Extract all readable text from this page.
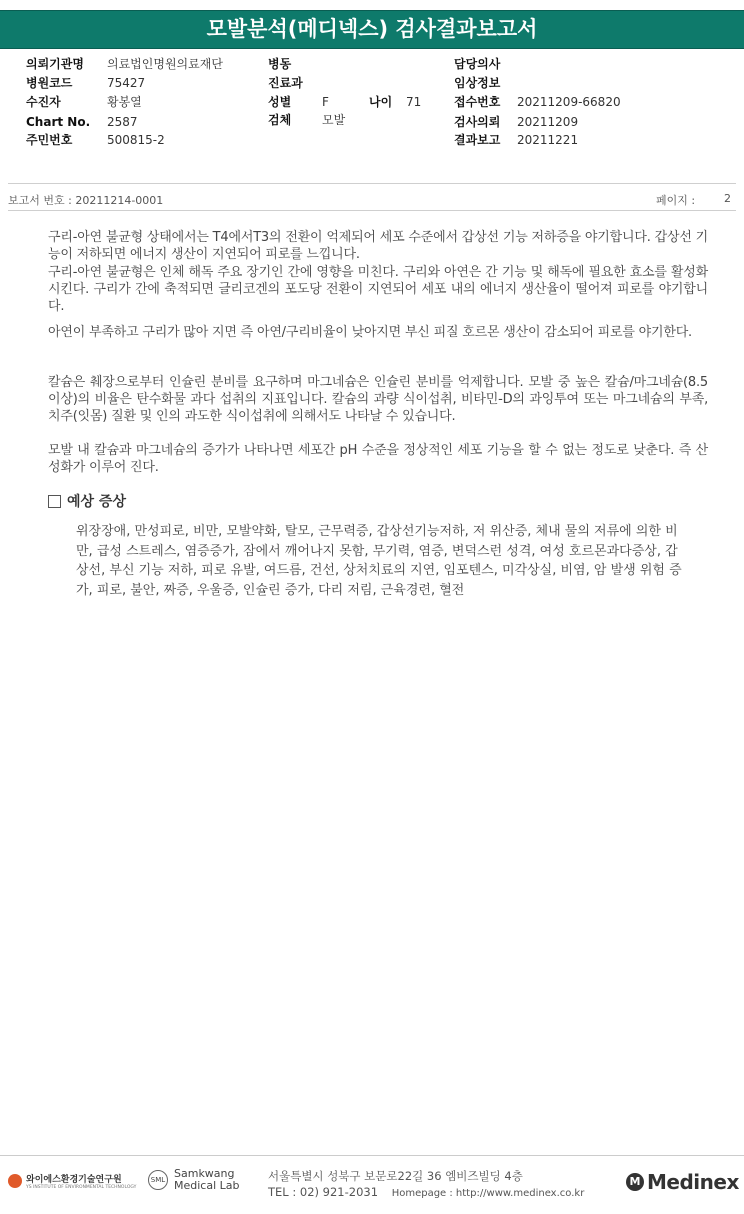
모발분석(메디넥스) 검사결과보고서
의뢰기관명 의료법인명원의료재단
병원코드	75427
수진자	황봉열
Chart No. 2587
주민번호	500815-2
병동
진료과
성별	F	나이 71
검체	모발
담당의사
임상정보
접수번호 20211209-66820
검사의뢰 20211209
결과보고 20211221
보고서 번호 : 20211214-0001	페이지 :	2

구리-아연 불균형 상태에서는 T4에서T3의 전환이 억제되어 세포 수준에서 갑상선 기능 저하증을 야기합니다. 갑상선 기능이 저하되면 에너지 생산이 지연되어 피로를 느낍니다.

구리-아연 불균형은 인체 해독 주요 장기인 간에 영향을 미친다. 구리와 아연은 간 기능 및 해독에 필요한 효소를 활성화시킨다. 구리가 간에 축적되면 글리코겐의 포도당 전환이 지연되어 세포 내의 에너지 생산율이 떨어져 피로를 야기합니다.

아연이 부족하고 구리가 많아 지면 즉 아연/구리비율이 낮아지면 부신 피질 호르몬 생산이 감소되어 피로를 야기한다.

칼슘은 췌장으로부터 인슐린 분비를 요구하며 마그네슘은 인슐린 분비를 억제합니다. 모발 중 높은 칼슘/마그네슘(8.5이상)의 비율은 탄수화물 과다 섭취의 지표입니다. 칼슘의 과량 식이섭취, 비타민-D의 과잉투여 또는 마그네슘의 부족, 치주(잇몸) 질환 및 인의 과도한 식이섭취에 의해서도 나타날 수 있습니다.

모발 내 칼슘과 마그네슘의 증가가 나타나면 세포간 pH 수준을 정상적인 세포 기능을 할 수 없는 정도로 낮춘다. 즉 산성화가 이루어 진다.

예상 증상

위장장애, 만성피로, 비만, 모발약화, 탈모, 근무력증, 갑상선기능저하, 저 위산증, 체내 물의 저류에 의한 비만, 급성 스트레스, 염증증가, 잠에서 깨어나지 못함, 무기력, 염증, 변덕스런 성격, 여성 호르몬과다증상, 갑상선, 부신 기능 저하, 피로 유발, 여드름, 건선, 상처치료의 지연, 임포텐스, 미각상실, 비염, 암 발생 위험 증가, 피로, 불안, 짜증, 우울증, 인슐린 증가, 다리 저림, 근육경련, 혈전

와이에스환경기술연구원
YS INSTITUTE OF ENVIRONMENTAL TECHNOLOGY
SML Samkwang
Medical Lab
서울특별시 성북구 보문로22길 36 엠비즈빌딩 4층
TEL : 02) 921-2031 Homepage : http://www.medinex.co.kr
M Medinex
